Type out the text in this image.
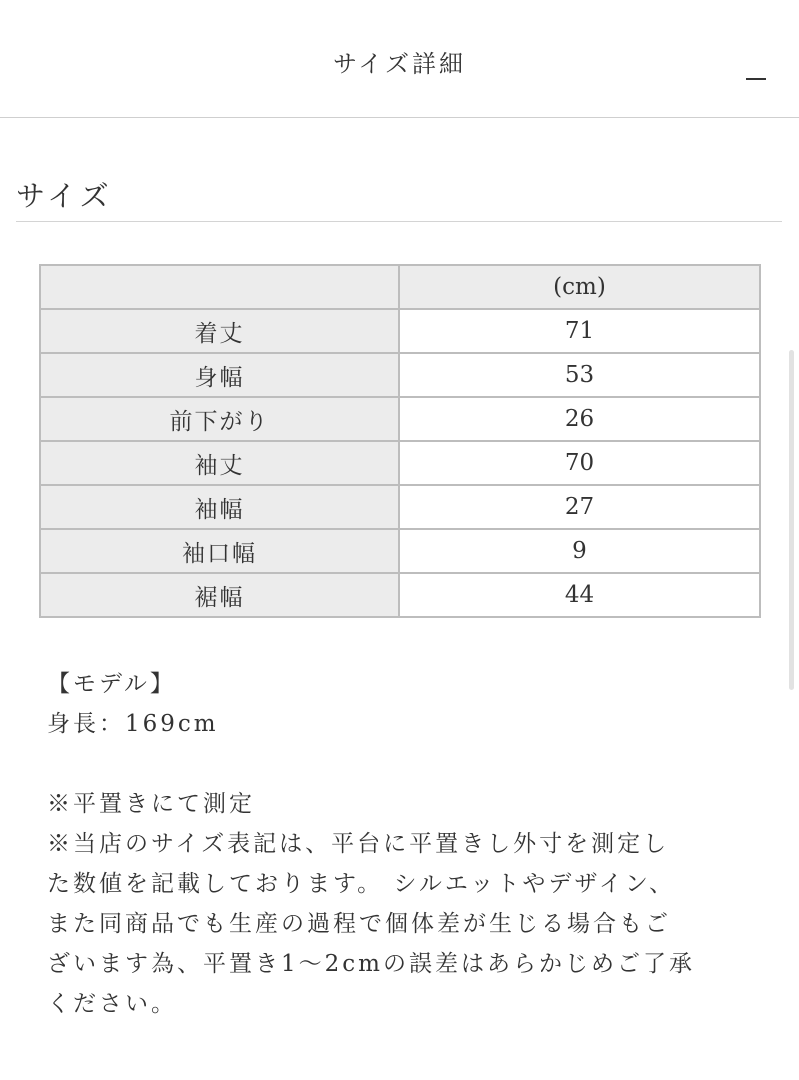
サイズ詳細
サイズ
	(cm)
着丈	71
身幅	53
前下がり	26
袖丈	70
袖幅	27
袖口幅	9
裾幅	44
【モデル】
身長：169cm
※平置きにて測定
※当店のサイズ表記は、平台に平置きし外寸を測定し
た数値を記載しております。 シルエットやデザイン、
また同商品でも生産の過程で個体差が生じる場合もご
ざいます為、平置き1〜2cmの誤差はあらかじめご了承
ください。
